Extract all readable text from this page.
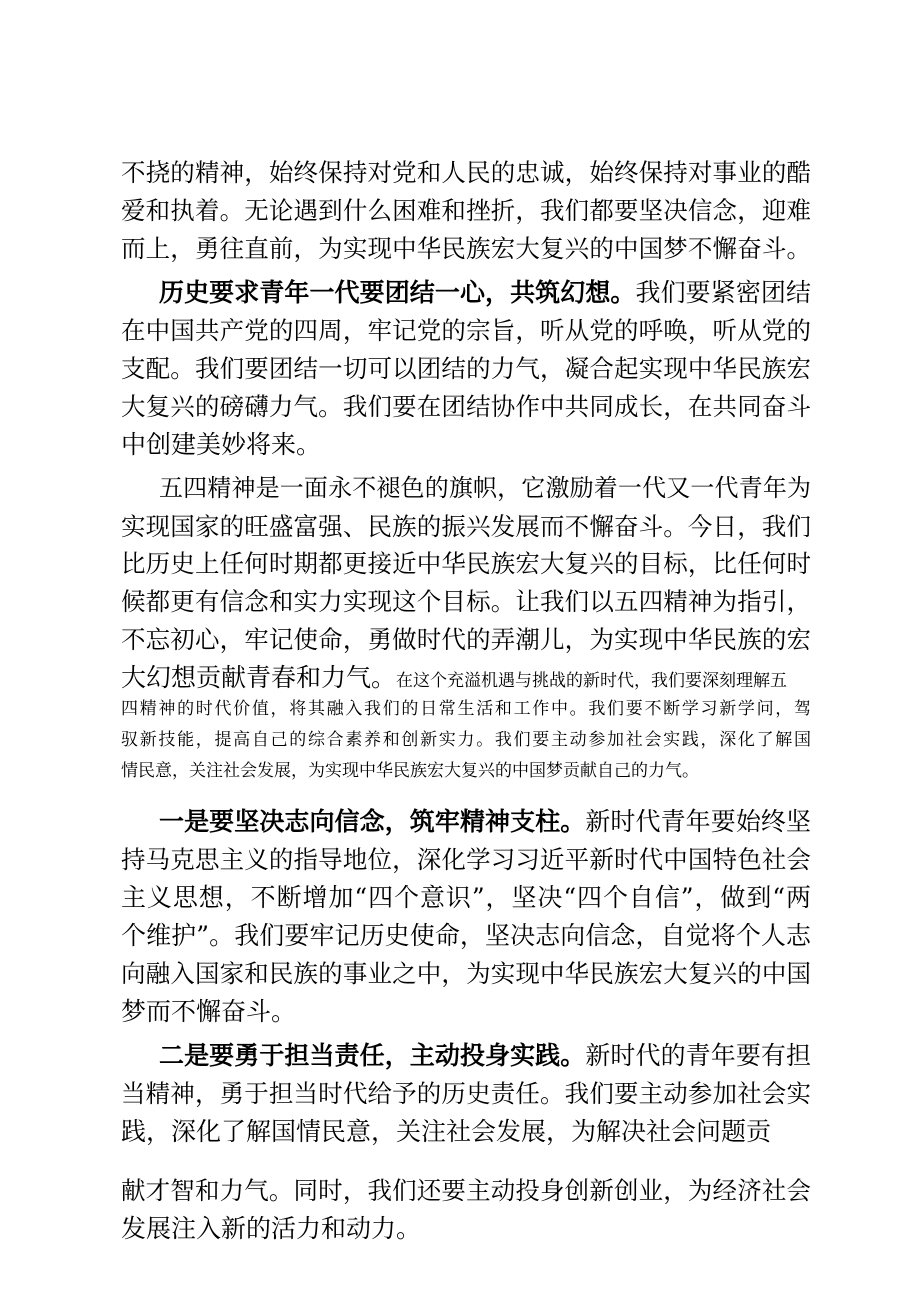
不挠的精神，始终保持对党和人民的忠诚，始终保持对事业的酷
爱和执着。无论遇到什么困难和挫折，我们都要坚决信念，迎难
而上，勇往直前，为实现中华民族宏大复兴的中国梦不懈奋斗。
历史要求青年一代要团结一心，共筑幻想。我们要紧密团结
在中国共产党的四周，牢记党的宗旨，听从党的呼唤，听从党的
支配。我们要团结一切可以团结的力气，凝合起实现中华民族宏
大复兴的磅礴力气。我们要在团结协作中共同成长，在共同奋斗
中创建美妙将来。
五四精神是一面永不褪色的旗帜，它激励着一代又一代青年为
实现国家的旺盛富强、民族的振兴发展而不懈奋斗。今日，我们
比历史上任何时期都更接近中华民族宏大复兴的目标，比任何时
候都更有信念和实力实现这个目标。让我们以五四精神为指引，
不忘初心，牢记使命，勇做时代的弄潮儿，为实现中华民族的宏
大幻想贡献青春和力气。在这个充溢机遇与挑战的新时代，我们要深刻理解五
四精神的时代价值，将其融入我们的日常生活和工作中。我们要不断学习新学问，驾
驭新技能，提高自己的综合素养和创新实力。我们要主动参加社会实践，深化了解国
情民意，关注社会发展，为实现中华民族宏大复兴的中国梦贡献自己的力气。
一是要坚决志向信念，筑牢精神支柱。新时代青年要始终坚
持马克思主义的指导地位，深化学习习近平新时代中国特色社会
主义思想，不断增加“四个意识”，坚决“四个自信”，做到“两
个维护”。我们要牢记历史使命，坚决志向信念，自觉将个人志
向融入国家和民族的事业之中，为实现中华民族宏大复兴的中国
梦而不懈奋斗。
二是要勇于担当责任，主动投身实践。新时代的青年要有担
当精神，勇于担当时代给予的历史责任。我们要主动参加社会实
践，深化了解国情民意，关注社会发展，为解决社会问题贡
献才智和力气。同时，我们还要主动投身创新创业，为经济社会
发展注入新的活力和动力。
